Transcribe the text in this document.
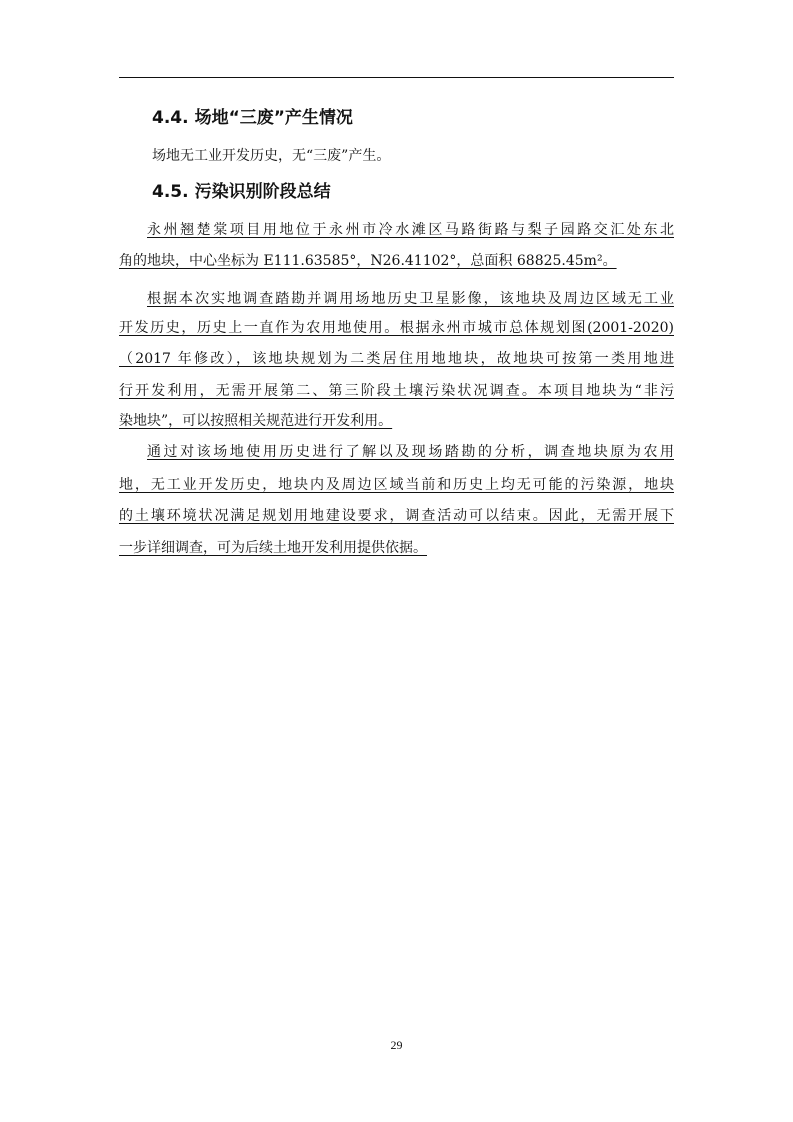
4.4. 场地“三废”产生情况
场地无工业开发历史，无“三废”产生。
4.5. 污染识别阶段总结
永州翘楚棠项目用地位于永州市冷水滩区马路街路与梨子园路交汇处东北
角的地块，中心坐标为 E111.63585°，N26.41102°，总面积 68825.45m²。
根据本次实地调查踏勘并调用场地历史卫星影像，该地块及周边区域无工业
开发历史，历史上一直作为农用地使用。根据永州市城市总体规划图(2001-2020)
（2017 年修改），该地块规划为二类居住用地地块，故地块可按第一类用地进
行开发利用，无需开展第二、第三阶段土壤污染状况调查。本项目地块为“非污
染地块”，可以按照相关规范进行开发利用。
通过对该场地使用历史进行了解以及现场踏勘的分析，调查地块原为农用
地，无工业开发历史，地块内及周边区域当前和历史上均无可能的污染源，地块
的土壤环境状况满足规划用地建设要求，调查活动可以结束。因此，无需开展下
一步详细调查，可为后续土地开发利用提供依据。
29
